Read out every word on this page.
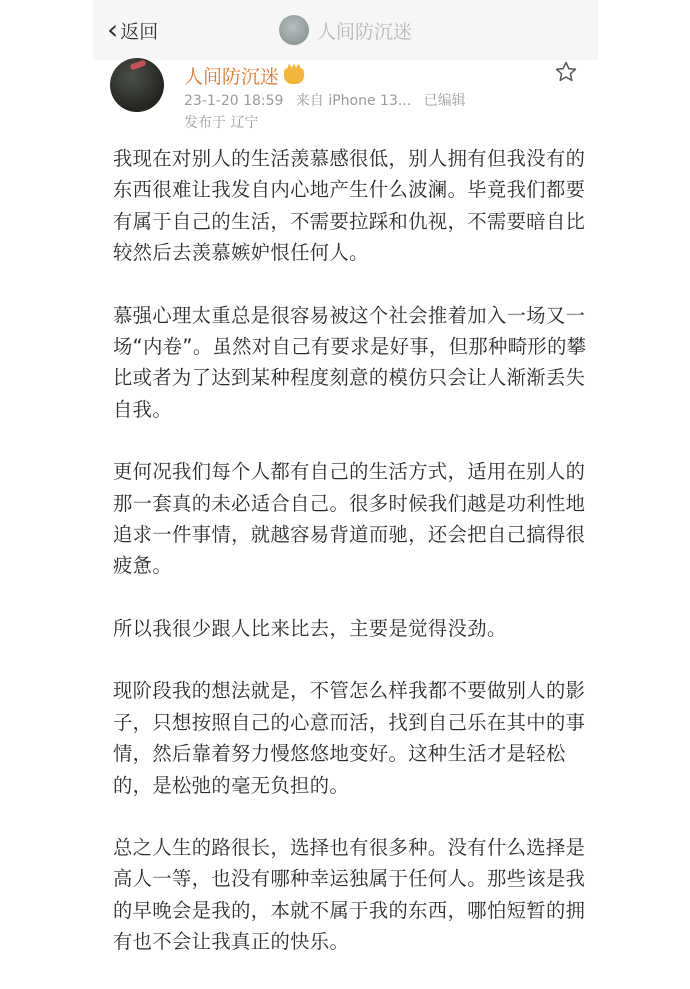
‹ 返回	人间防沉迷
人间防沉迷
23-1-20 18:59 来自 iPhone 13... 已编辑
发布于 辽宁

我现在对别人的生活羡慕感很低，别人拥有但我没有的东西很难让我发自内心地产生什么波澜。毕竟我们都要有属于自己的生活，不需要拉踩和仇视，不需要暗自比较然后去羡慕嫉妒恨任何人。

慕强心理太重总是很容易被这个社会推着加入一场又一场“内卷”。虽然对自己有要求是好事，但那种畸形的攀比或者为了达到某种程度刻意的模仿只会让人渐渐丢失自我。

更何况我们每个人都有自己的生活方式，适用在别人的那一套真的未必适合自己。很多时候我们越是功利性地追求一件事情，就越容易背道而驰，还会把自己搞得很疲惫。

所以我很少跟人比来比去，主要是觉得没劲。

现阶段我的想法就是，不管怎么样我都不要做别人的影子，只想按照自己的心意而活，找到自己乐在其中的事情，然后靠着努力慢悠悠地变好。这种生活才是轻松的，是松弛的毫无负担的。

总之人生的路很长，选择也有很多种。没有什么选择是高人一等，也没有哪种幸运独属于任何人。那些该是我的早晚会是我的，本就不属于我的东西，哪怕短暂的拥有也不会让我真正的快乐。
